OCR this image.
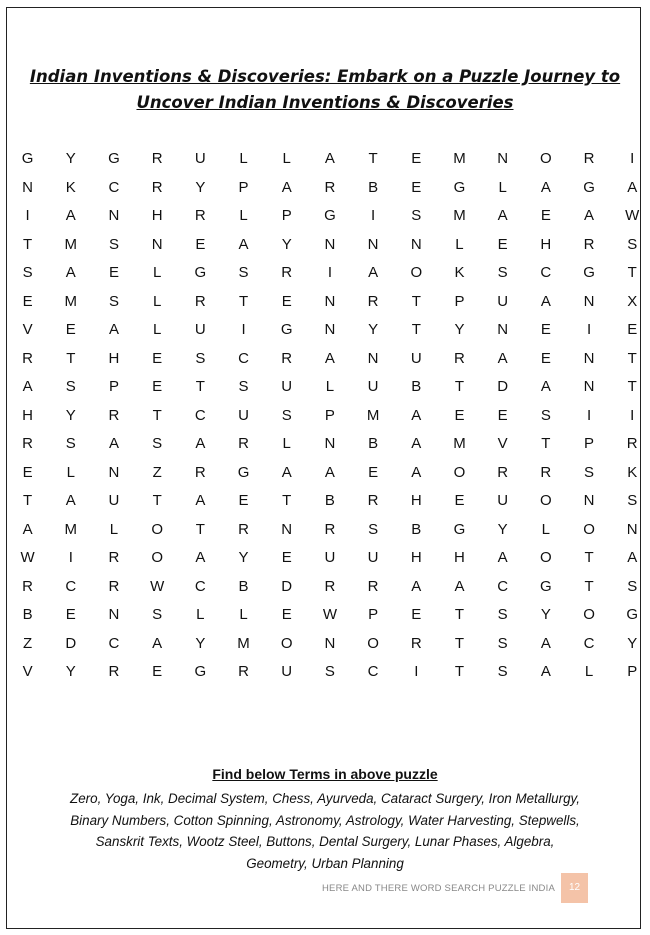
Indian Inventions & Discoveries: Embark on a Puzzle Journey to Uncover Indian Inventions & Discoveries
G	Y	G	R	U	L	L	A	T	E	M	N	O	R	I
N	K	C	R	Y	P	A	R	B	E	G	L	A	G	A
I	A	N	H	R	L	P	G	I	S	M	A	E	A	W
T	M	S	N	E	A	Y	N	N	N	L	E	H	R	S
S	A	E	L	G	S	R	I	A	O	K	S	C	G	T
E	M	S	L	R	T	E	N	R	T	P	U	A	N	X
V	E	A	L	U	I	G	N	Y	T	Y	N	E	I	E
R	T	H	E	S	C	R	A	N	U	R	A	E	N	T
A	S	P	E	T	S	U	L	U	B	T	D	A	N	T
H	Y	R	T	C	U	S	P	M	A	E	E	S	I	I
R	S	A	S	A	R	L	N	B	A	M	V	T	P	R
E	L	N	Z	R	G	A	A	E	A	O	R	R	S	K
T	A	U	T	A	E	T	B	R	H	E	U	O	N	S
A	M	L	O	T	R	N	R	S	B	G	Y	L	O	N
W	I	R	O	A	Y	E	U	U	H	H	A	O	T	A
R	C	R	W	C	B	D	R	R	A	A	C	G	T	S
B	E	N	S	L	L	E	W	P	E	T	S	Y	O	G
Z	D	C	A	Y	M	O	N	O	R	T	S	A	C	Y
V	Y	R	E	G	R	U	S	C	I	T	S	A	L	P
Find below Terms in above puzzle
Zero, Yoga, Ink, Decimal System, Chess, Ayurveda, Cataract Surgery, Iron Metallurgy, Binary Numbers, Cotton Spinning, Astronomy, Astrology, Water Harvesting, Stepwells, Sanskrit Texts, Wootz Steel, Buttons, Dental Surgery, Lunar Phases, Algebra, Geometry, Urban Planning
HERE AND THERE WORD SEARCH PUZZLE INDIA	12
